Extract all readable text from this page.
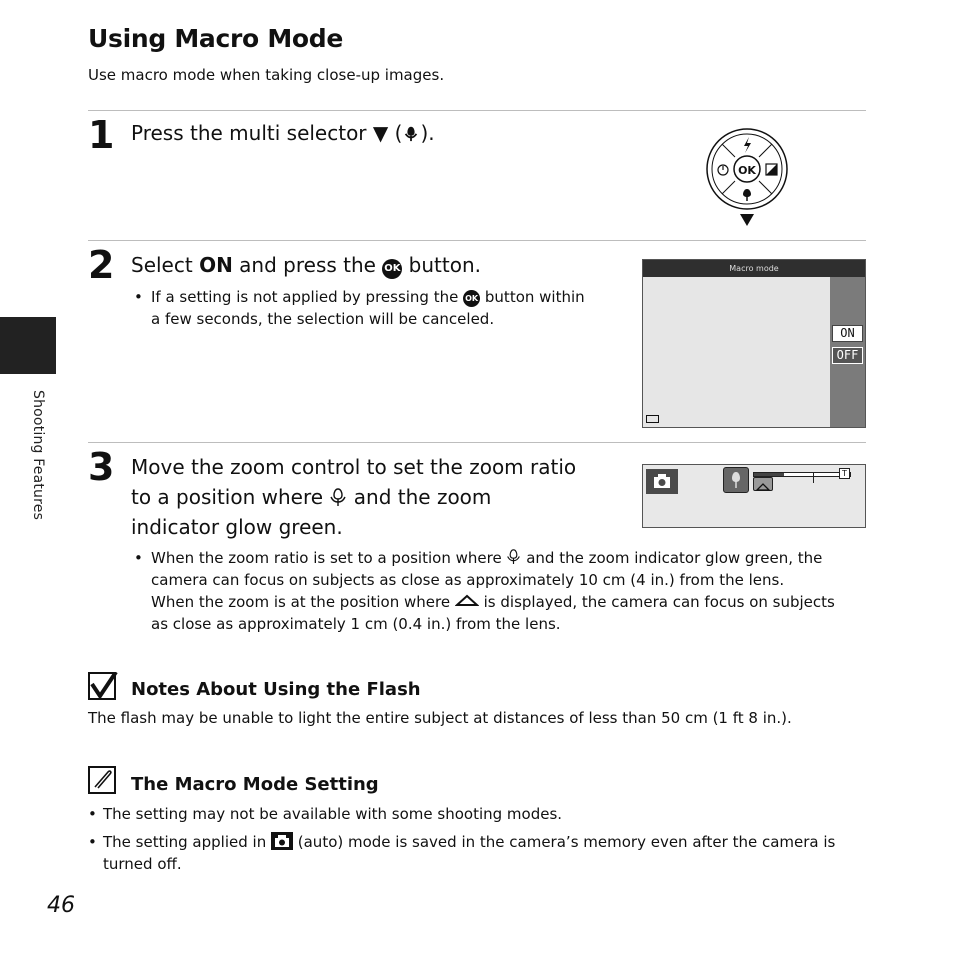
Using Macro Mode
Use macro mode when taking close-up images.
Shooting Features
1 Press the multi selector ▼ ( ).
OK
2 Select ON and press the OK button.
• If a setting is not applied by pressing the OK button within
a few seconds, the selection will be canceled.
Macro mode
ON
OFF
3 Move the zoom control to set the zoom ratio
to a position where and the zoom
indicator glow green.
T
• When the zoom ratio is set to a position where and the zoom indicator glow green, the
camera can focus on subjects as close as approximately 10 cm (4 in.) from the lens.
When the zoom is at the position where is displayed, the camera can focus on subjects
as close as approximately 1 cm (0.4 in.) from the lens.
Notes About Using the Flash
The flash may be unable to light the entire subject at distances of less than 50 cm (1 ft 8 in.).
The Macro Mode Setting
• The setting may not be available with some shooting modes.
• The setting applied in (auto) mode is saved in the camera’s memory even after the camera is
turned off.
46
